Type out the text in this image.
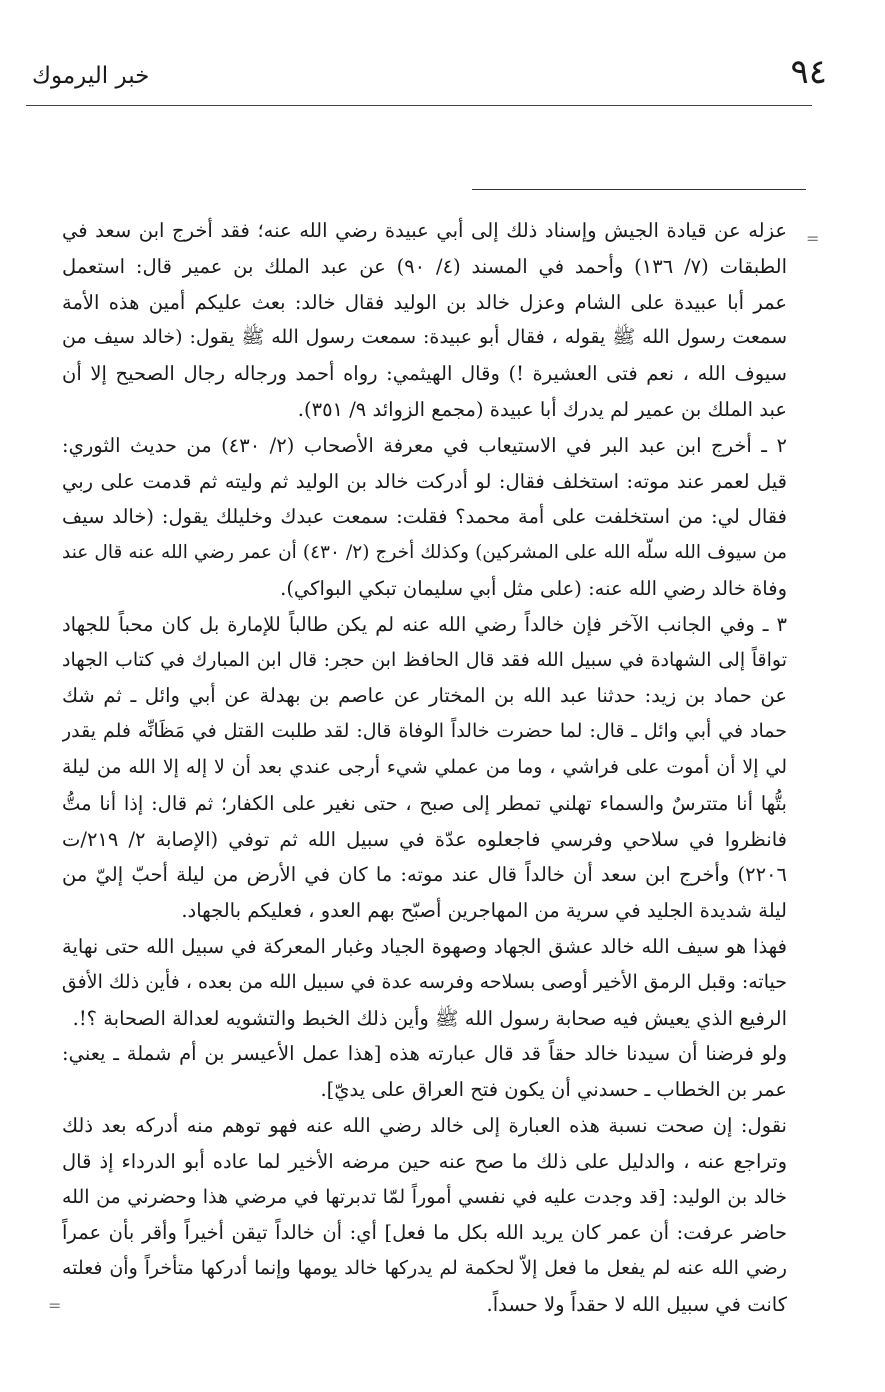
٩٤
خبر اليرموك
=
=
عزله عن قيادة الجيش وإسناد ذلك إلى أبي عبيدة رضي الله عنه؛ فقد أخرج ابن سعد في
الطبقات (٧/ ١٣٦) وأحمد في المسند (٤/ ٩٠) عن عبد الملك بن عمير قال: استعمل
عمر أبا عبيدة على الشام وعزل خالد بن الوليد فقال خالد: بعث عليكم أمين هذه الأمة
سمعت رسول الله ﷺ يقوله ، فقال أبو عبيدة: سمعت رسول الله ﷺ يقول: (خالد سيف من
سيوف الله ، نعم فتى العشيرة !) وقال الهيثمي: رواه أحمد ورجاله رجال الصحيح إلا أن
عبد الملك بن عمير لم يدرك أبا عبيدة (مجمع الزوائد ٩/ ٣٥١).
٢ ـ أخرج ابن عبد البر في الاستيعاب في معرفة الأصحاب (٢/ ٤٣٠) من حديث الثوري:
قيل لعمر عند موته: استخلف فقال: لو أدركت خالد بن الوليد ثم وليته ثم قدمت على ربي
فقال لي: من استخلفت على أمة محمد؟ فقلت: سمعت عبدك وخليلك يقول: (خالد سيف
من سيوف الله سلّه الله على المشركين) وكذلك أخرج (٢/ ٤٣٠) أن عمر رضي الله عنه قال عند
وفاة خالد رضي الله عنه: (على مثل أبي سليمان تبكي البواكي).
٣ ـ وفي الجانب الآخر فإن خالداً رضي الله عنه لم يكن طالباً للإمارة بل كان محباً للجهاد
تواقاً إلى الشهادة في سبيل الله فقد قال الحافظ ابن حجر: قال ابن المبارك في كتاب الجهاد
عن حماد بن زيد: حدثنا عبد الله بن المختار عن عاصم بن بهدلة عن أبي وائل ـ ثم شك
حماد في أبي وائل ـ قال: لما حضرت خالداً الوفاة قال: لقد طلبت القتل في مَظَانِّه فلم يقدر
لي إلا أن أموت على فراشي ، وما من عملي شيء أرجى عندي بعد أن لا إله إلا الله من ليلة
بتُّها أنا متترسٌ والسماء تهلني تمطر إلى صبح ، حتى نغير على الكفار؛ ثم قال: إذا أنا متُّ
فانظروا في سلاحي وفرسي فاجعلوه عدّة في سبيل الله ثم توفي (الإصابة ٢/ ٢١٩/ت
٢٢٠٦) وأخرج ابن سعد أن خالداً قال عند موته: ما كان في الأرض من ليلة أحبّ إليّ من
ليلة شديدة الجليد في سرية من المهاجرين أصبّح بهم العدو ، فعليكم بالجهاد.
فهذا هو سيف الله خالد عشق الجهاد وصهوة الجياد وغبار المعركة في سبيل الله حتى نهاية
حياته: وقبل الرمق الأخير أوصى بسلاحه وفرسه عدة في سبيل الله من بعده ، فأين ذلك الأفق
الرفيع الذي يعيش فيه صحابة رسول الله ﷺ وأين ذلك الخبط والتشويه لعدالة الصحابة ؟!.
ولو فرضنا أن سيدنا خالد حقاً قد قال عبارته هذه [هذا عمل الأعيسر بن أم شملة ـ يعني:
عمر بن الخطاب ـ حسدني أن يكون فتح العراق على يديّ].
نقول: إن صحت نسبة هذه العبارة إلى خالد رضي الله عنه فهو توهم منه أدركه بعد ذلك
وتراجع عنه ، والدليل على ذلك ما صح عنه حين مرضه الأخير لما عاده أبو الدرداء إذ قال
خالد بن الوليد: [قد وجدت عليه في نفسي أموراً لمّا تدبرتها في مرضي هذا وحضرني من الله
حاضر عرفت: أن عمر كان يريد الله بكل ما فعل] أي: أن خالداً تيقن أخيراً وأقر بأن عمراً
رضي الله عنه لم يفعل ما فعل إلاّ لحكمة لم يدركها خالد يومها وإنما أدركها متأخراً وأن فعلته
كانت في سبيل الله لا حقداً ولا حسداً.
